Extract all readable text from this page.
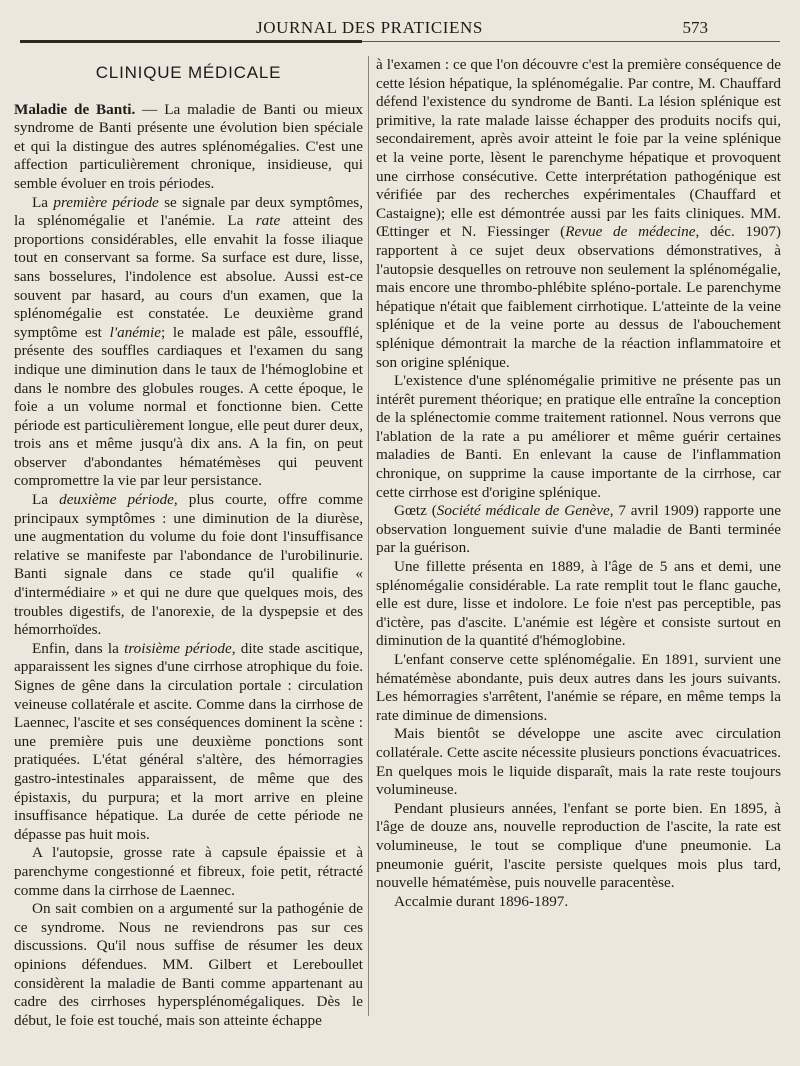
JOURNAL DES PRATICIENS	573
CLINIQUE MÉDICALE

Maladie de Banti. — La maladie de Banti ou mieux syndrome de Banti présente une évolution bien spéciale et qui la distingue des autres splénomégalies. C'est une affection particulièrement chronique, insidieuse, qui semble évoluer en trois périodes.

La première période se signale par deux symptômes, la splénomégalie et l'anémie. La rate atteint des proportions considérables, elle envahit la fosse iliaque tout en conservant sa forme. Sa surface est dure, lisse, sans bosselures, l'indolence est absolue. Aussi est-ce souvent par hasard, au cours d'un examen, que la splénomégalie est constatée. Le deuxième grand symptôme est l'anémie; le malade est pâle, essoufflé, présente des souffles cardiaques et l'examen du sang indique une diminution dans le taux de l'hémoglobine et dans le nombre des globules rouges. A cette époque, le foie a un volume normal et fonctionne bien. Cette période est particulièrement longue, elle peut durer deux, trois ans et même jusqu'à dix ans. A la fin, on peut observer d'abondantes hématémèses qui peuvent compromettre la vie par leur persistance.

La deuxième période, plus courte, offre comme principaux symptômes : une diminution de la diurèse, une augmentation du volume du foie dont l'insuffisance relative se manifeste par l'abondance de l'urobilinurie. Banti signale dans ce stade qu'il qualifie « d'intermédiaire » et qui ne dure que quelques mois, des troubles digestifs, de l'anorexie, de la dyspepsie et des hémorrhoïdes.

Enfin, dans la troisième période, dite stade ascitique, apparaissent les signes d'une cirrhose atrophique du foie. Signes de gêne dans la circulation portale : circulation veineuse collatérale et ascite. Comme dans la cirrhose de Laennec, l'ascite et ses conséquences dominent la scène : une première puis une deuxième ponctions sont pratiquées. L'état général s'altère, des hémorragies gastro-intestinales apparaissent, de même que des épistaxis, du purpura; et la mort arrive en pleine insuffisance hépatique. La durée de cette période ne dépasse pas huit mois.

A l'autopsie, grosse rate à capsule épaissie et à parenchyme congestionné et fibreux, foie petit, rétracté comme dans la cirrhose de Laennec.

On sait combien on a argumenté sur la pathogénie de ce syndrome. Nous ne reviendrons pas sur ces discussions. Qu'il nous suffise de résumer les deux opinions défendues. MM. Gilbert et Lereboullet considèrent la maladie de Banti comme appartenant au cadre des cirrhoses hypersplénomégaliques. Dès le début, le foie est touché, mais son atteinte échappe

à l'examen : ce que l'on découvre c'est la première conséquence de cette lésion hépatique, la splénomégalie. Par contre, M. Chauffard défend l'existence du syndrome de Banti. La lésion splénique est primitive, la rate malade laisse échapper des produits nocifs qui, secondairement, après avoir atteint le foie par la veine splénique et la veine porte, lèsent le parenchyme hépatique et provoquent une cirrhose consécutive. Cette interprétation pathogénique est vérifiée par des recherches expérimentales (Chauffard et Castaigne); elle est démontrée aussi par les faits cliniques. MM. Œttinger et N. Fiessinger (Revue de médecine, déc. 1907) rapportent à ce sujet deux observations démonstratives, à l'autopsie desquelles on retrouve non seulement la splénomégalie, mais encore une thrombo-phlébite spléno-portale. Le parenchyme hépatique n'était que faiblement cirrhotique. L'atteinte de la veine splénique et de la veine porte au dessus de l'abouchement splénique démontrait la marche de la réaction inflammatoire et son origine splénique.

L'existence d'une splénomégalie primitive ne présente pas un intérêt purement théorique; en pratique elle entraîne la conception de la splénectomie comme traitement rationnel. Nous verrons que l'ablation de la rate a pu améliorer et même guérir certaines maladies de Banti. En enlevant la cause de l'inflammation chronique, on supprime la cause importante de la cirrhose, car cette cirrhose est d'origine splénique.

Gœtz (Société médicale de Genève, 7 avril 1909) rapporte une observation longuement suivie d'une maladie de Banti terminée par la guérison.

Une fillette présenta en 1889, à l'âge de 5 ans et demi, une splénomégalie considérable. La rate remplit tout le flanc gauche, elle est dure, lisse et indolore. Le foie n'est pas perceptible, pas d'ictère, pas d'ascite. L'anémie est légère et consiste surtout en diminution de la quantité d'hémoglobine.

L'enfant conserve cette splénomégalie. En 1891, survient une hématémèse abondante, puis deux autres dans les jours suivants. Les hémorragies s'arrêtent, l'anémie se répare, en même temps la rate diminue de dimensions.

Mais bientôt se développe une ascite avec circulation collatérale. Cette ascite nécessite plusieurs ponctions évacuatrices. En quelques mois le liquide disparaît, mais la rate reste toujours volumineuse.

Pendant plusieurs années, l'enfant se porte bien. En 1895, à l'âge de douze ans, nouvelle reproduction de l'ascite, la rate est volumineuse, le tout se complique d'une pneumonie. La pneumonie guérit, l'ascite persiste quelques mois plus tard, nouvelle hématémèse, puis nouvelle paracentèse.

Accalmie durant 1896-1897.
